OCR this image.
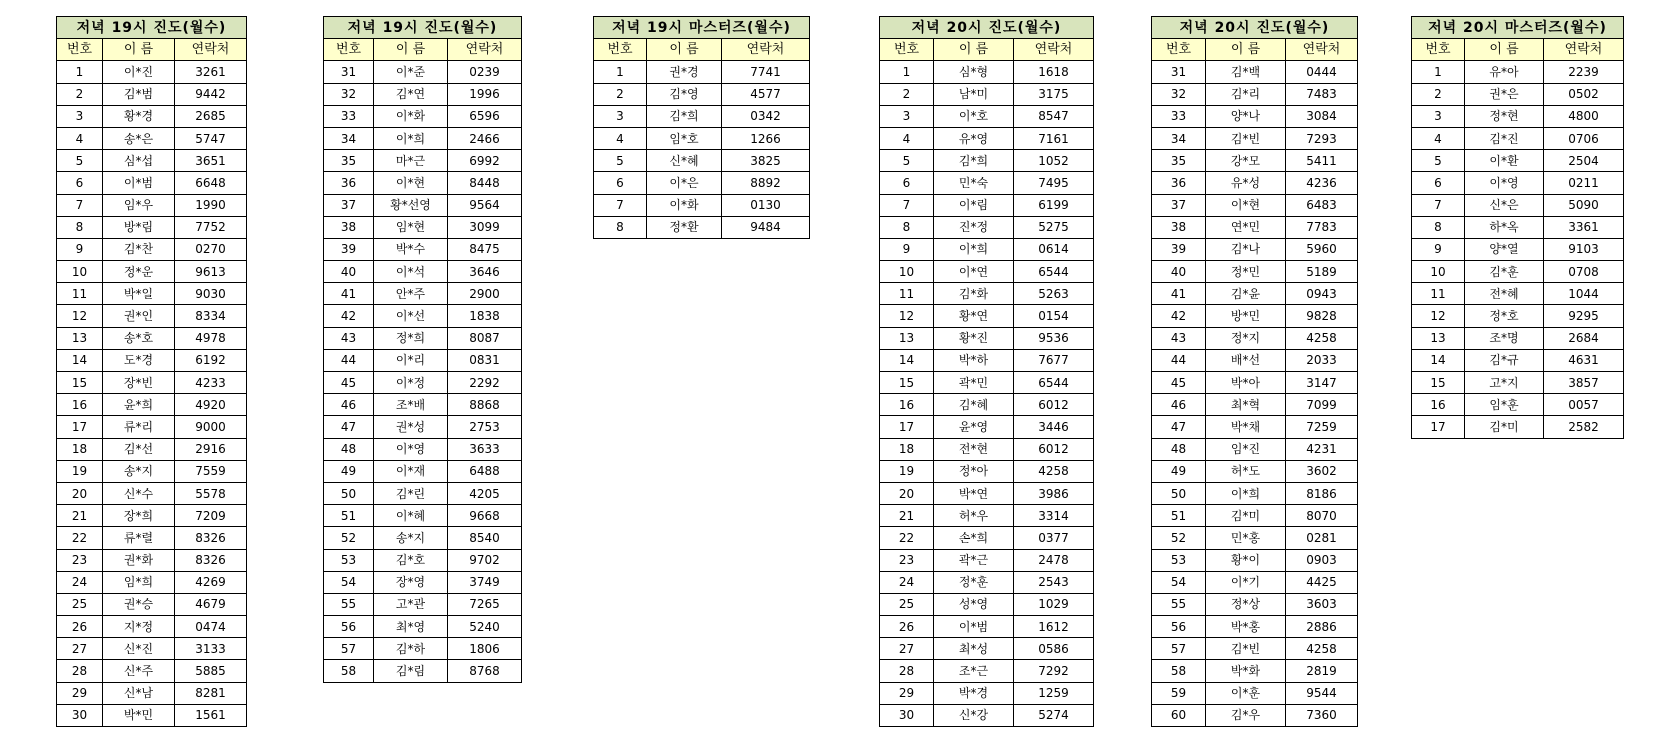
저녁 19시 진도(월수)		
번호	이 름	연락처
1	이*진	3261
2	김*범	9442
3	황*경	2685
4	송*은	5747
5	심*섭	3651
6	이*범	6648
7	임*우	1990
8	방*림	7752
9	김*찬	0270
10	정*운	9613
11	박*일	9030
12	권*인	8334
13	송*호	4978
14	도*경	6192
15	장*빈	4233
16	윤*희	4920
17	류*리	9000
18	김*선	2916
19	송*지	7559
20	신*수	5578
21	장*희	7209
22	류*렬	8326
23	권*화	8326
24	임*희	4269
25	권*승	4679
26	지*정	0474
27	신*진	3133
28	신*주	5885
29	신*남	8281
30	박*민	1561
저녁 19시 진도(월수)		
번호	이 름	연락처
31	이*준	0239
32	김*연	1996
33	이*화	6596
34	이*희	2466
35	마*근	6992
36	이*현	8448
37	황*선영	9564
38	임*현	3099
39	박*수	8475
40	이*석	3646
41	안*주	2900
42	이*선	1838
43	정*희	8087
44	이*리	0831
45	이*정	2292
46	조*배	8868
47	권*성	2753
48	이*영	3633
49	이*재	6488
50	김*린	4205
51	이*혜	9668
52	송*지	8540
53	김*호	9702
54	장*영	3749
55	고*관	7265
56	최*영	5240
57	김*하	1806
58	김*림	8768
저녁 19시 마스터즈(월수)		
번호	이 름	연락처
1	권*경	7741
2	김*영	4577
3	김*희	0342
4	임*호	1266
5	신*혜	3825
6	이*은	8892
7	이*화	0130
8	정*환	9484
저녁 20시 진도(월수)		
번호	이 름	연락처
1	심*형	1618
2	남*미	3175
3	이*호	8547
4	유*영	7161
5	김*희	1052
6	민*숙	7495
7	이*림	6199
8	진*정	5275
9	이*희	0614
10	이*연	6544
11	김*화	5263
12	황*연	0154
13	황*진	9536
14	박*하	7677
15	곽*민	6544
16	김*혜	6012
17	윤*영	3446
18	전*현	6012
19	정*아	4258
20	박*연	3986
21	허*우	3314
22	손*희	0377
23	곽*근	2478
24	정*훈	2543
25	성*영	1029
26	이*범	1612
27	최*성	0586
28	조*근	7292
29	박*경	1259
30	신*강	5274
저녁 20시 진도(월수)		
번호	이 름	연락처
31	김*백	0444
32	김*리	7483
33	양*나	3084
34	김*빈	7293
35	강*모	5411
36	유*성	4236
37	이*현	6483
38	연*민	7783
39	김*나	5960
40	정*민	5189
41	김*윤	0943
42	방*민	9828
43	정*지	4258
44	배*선	2033
45	박*아	3147
46	최*혁	7099
47	박*채	7259
48	임*진	4231
49	허*도	3602
50	이*희	8186
51	김*미	8070
52	민*홍	0281
53	황*이	0903
54	이*기	4425
55	정*상	3603
56	박*홍	2886
57	김*빈	4258
58	박*화	2819
59	이*훈	9544
60	김*우	7360
저녁 20시 마스터즈(월수)		
번호	이 름	연락처
1	유*아	2239
2	권*은	0502
3	정*현	4800
4	김*진	0706
5	이*환	2504
6	이*영	0211
7	신*은	5090
8	하*옥	3361
9	양*열	9103
10	김*훈	0708
11	전*혜	1044
12	정*호	9295
13	조*명	2684
14	김*규	4631
15	고*지	3857
16	임*훈	0057
17	김*미	2582
